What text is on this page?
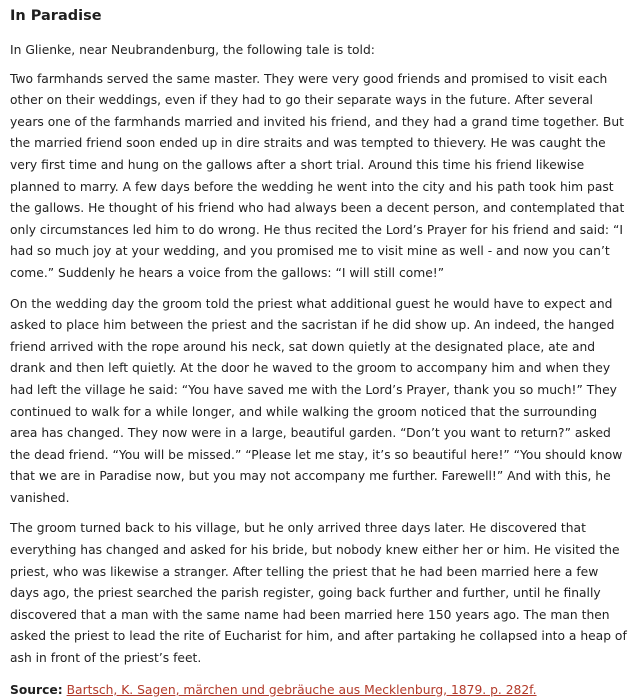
In Paradise

In Glienke, near Neubrandenburg, the following tale is told:

Two farmhands served the same master. They were very good friends and promised to visit each other on their weddings, even if they had to go their separate ways in the future. After several years one of the farmhands married and invited his friend, and they had a grand time together. But the married friend soon ended up in dire straits and was tempted to thievery. He was caught the very first time and hung on the gallows after a short trial. Around this time his friend likewise planned to marry. A few days before the wedding he went into the city and his path took him past the gallows. He thought of his friend who had always been a decent person, and contemplated that only circumstances led him to do wrong. He thus recited the Lord’s Prayer for his friend and said: “I had so much joy at your wedding, and you promised me to visit mine as well - and now you can’t come.” Suddenly he hears a voice from the gallows: “I will still come!”

On the wedding day the groom told the priest what additional guest he would have to expect and asked to place him between the priest and the sacristan if he did show up. An indeed, the hanged friend arrived with the rope around his neck, sat down quietly at the designated place, ate and drank and then left quietly. At the door he waved to the groom to accompany him and when they had left the village he said: “You have saved me with the Lord’s Prayer, thank you so much!” They continued to walk for a while longer, and while walking the groom noticed that the surrounding area has changed. They now were in a large, beautiful garden. “Don’t you want to return?” asked the dead friend. “You will be missed.” “Please let me stay, it’s so beautiful here!” “You should know that we are in Paradise now, but you may not accompany me further. Farewell!” And with this, he vanished.

The groom turned back to his village, but he only arrived three days later. He discovered that everything has changed and asked for his bride, but nobody knew either her or him. He visited the priest, who was likewise a stranger. After telling the priest that he had been married here a few days ago, the priest searched the parish register, going back further and further, until he finally discovered that a man with the same name had been married here 150 years ago. The man then asked the priest to lead the rite of Eucharist for him, and after partaking he collapsed into a heap of ash in front of the priest’s feet.

Source: Bartsch, K. Sagen, märchen und gebräuche aus Mecklenburg, 1879. p. 282f.
